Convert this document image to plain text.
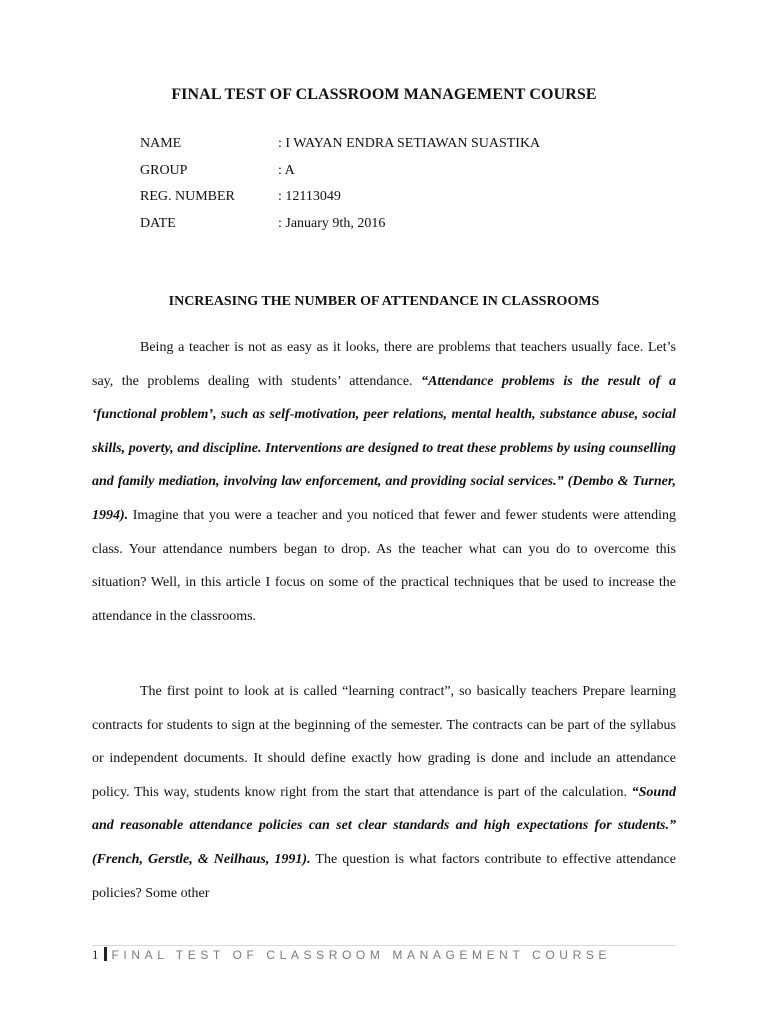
FINAL TEST OF CLASSROOM MANAGEMENT COURSE
NAME	: I WAYAN ENDRA SETIAWAN SUASTIKA
GROUP	: A
REG. NUMBER	: 12113049
DATE	: January 9th, 2016
INCREASING THE NUMBER OF ATTENDANCE IN CLASSROOMS

Being a teacher is not as easy as it looks, there are problems that teachers usually face. Let’s say, the problems dealing with students’ attendance. “Attendance problems is the result of a ‘functional problem’, such as self-motivation, peer relations, mental health, substance abuse, social skills, poverty, and discipline. Interventions are designed to treat these problems by using counselling and family mediation, involving law enforcement, and providing social services.” (Dembo & Turner, 1994). Imagine that you were a teacher and you noticed that fewer and fewer students were attending class. Your attendance numbers began to drop. As the teacher what can you do to overcome this situation? Well, in this article I focus on some of the practical techniques that be used to increase the attendance in the classrooms.

The first point to look at is called “learning contract”, so basically teachers Prepare learning contracts for students to sign at the beginning of the semester. The contracts can be part of the syllabus or independent documents. It should define exactly how grading is done and include an attendance policy. This way, students know right from the start that attendance is part of the calculation. “Sound and reasonable attendance policies can set clear standards and high expectations for students.” (French, Gerstle, & Neilhaus, 1991). The question is what factors contribute to effective attendance policies? Some other

1 FINAL TEST OF CLASSROOM MANAGEMENT COURSE
